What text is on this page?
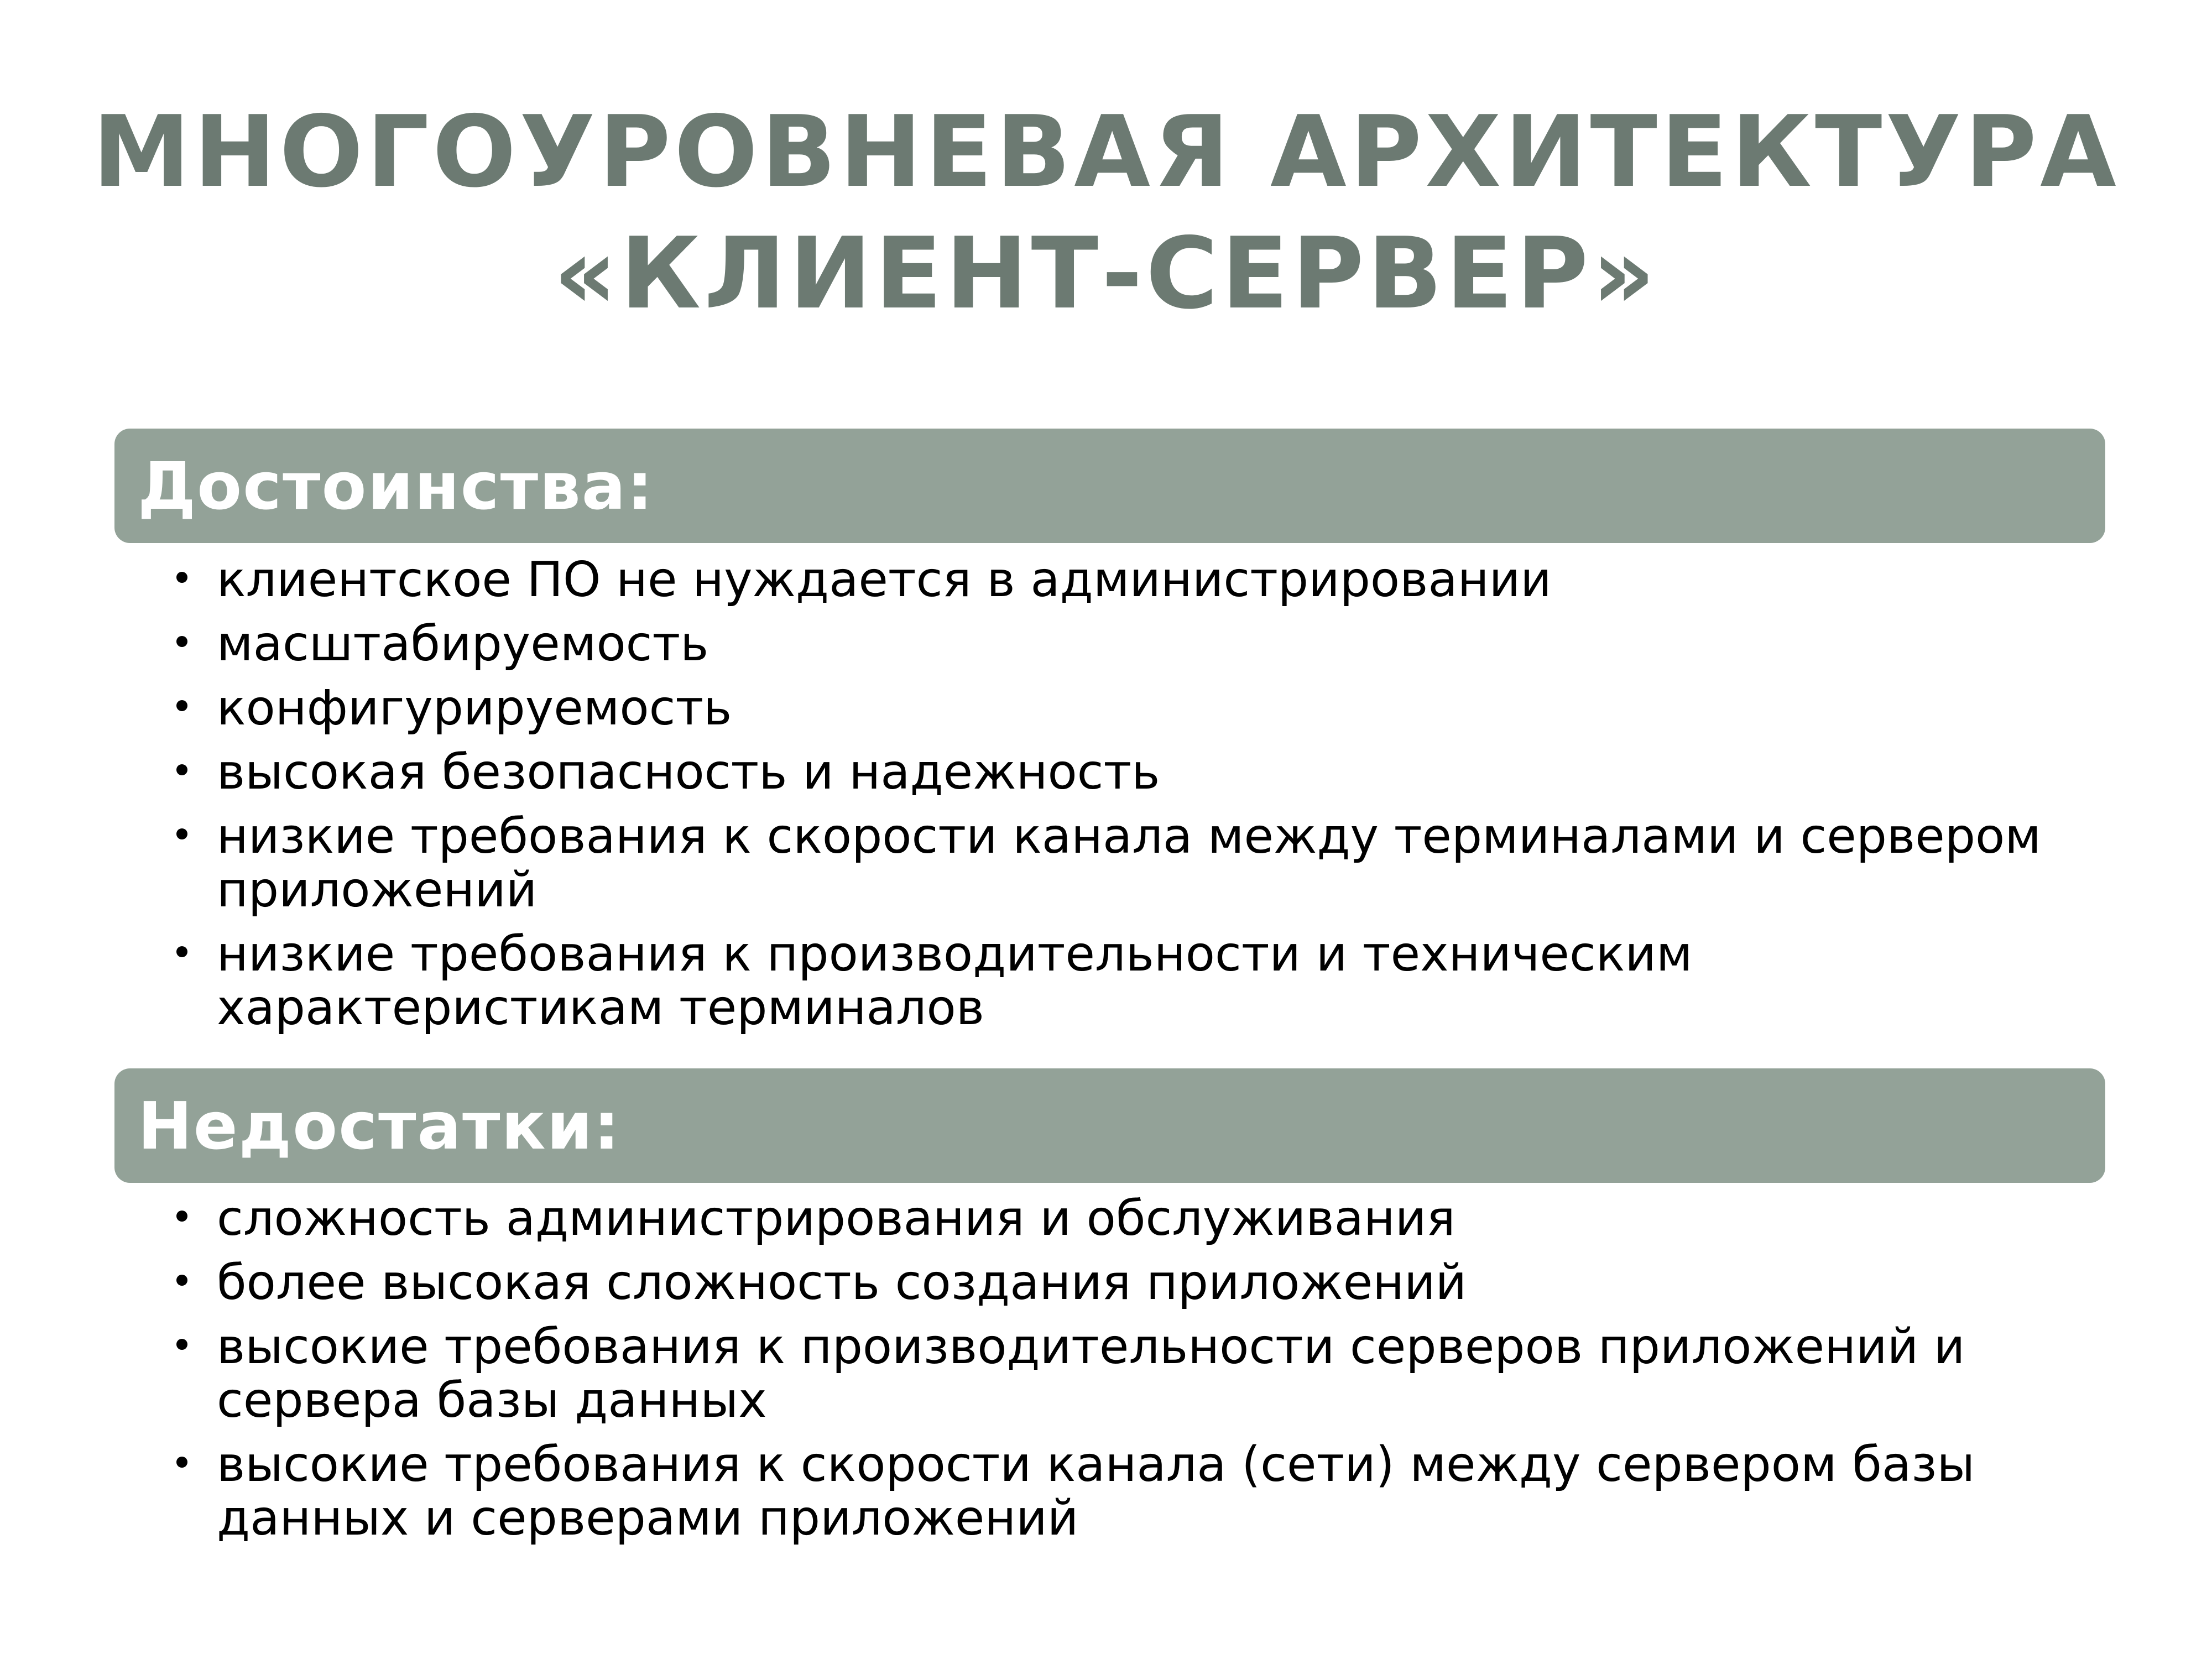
МНОГОУРОВНЕВАЯ АРХИТЕКТУРА
«КЛИЕНТ-СЕРВЕР»
Достоинства:
клиентское ПО не нуждается в администрировании
масштабируемость
конфигурируемость
высокая безопасность и надежность
низкие требования к скорости канала между терминалами и сервером приложений
низкие требования к производительности и техническим характеристикам терминалов
Недостатки:
сложность администрирования и обслуживания
более высокая сложность создания приложений
высокие требования к производительности серверов приложений и сервера базы данных
высокие требования к скорости канала (сети) между сервером базы данных и серверами приложений
